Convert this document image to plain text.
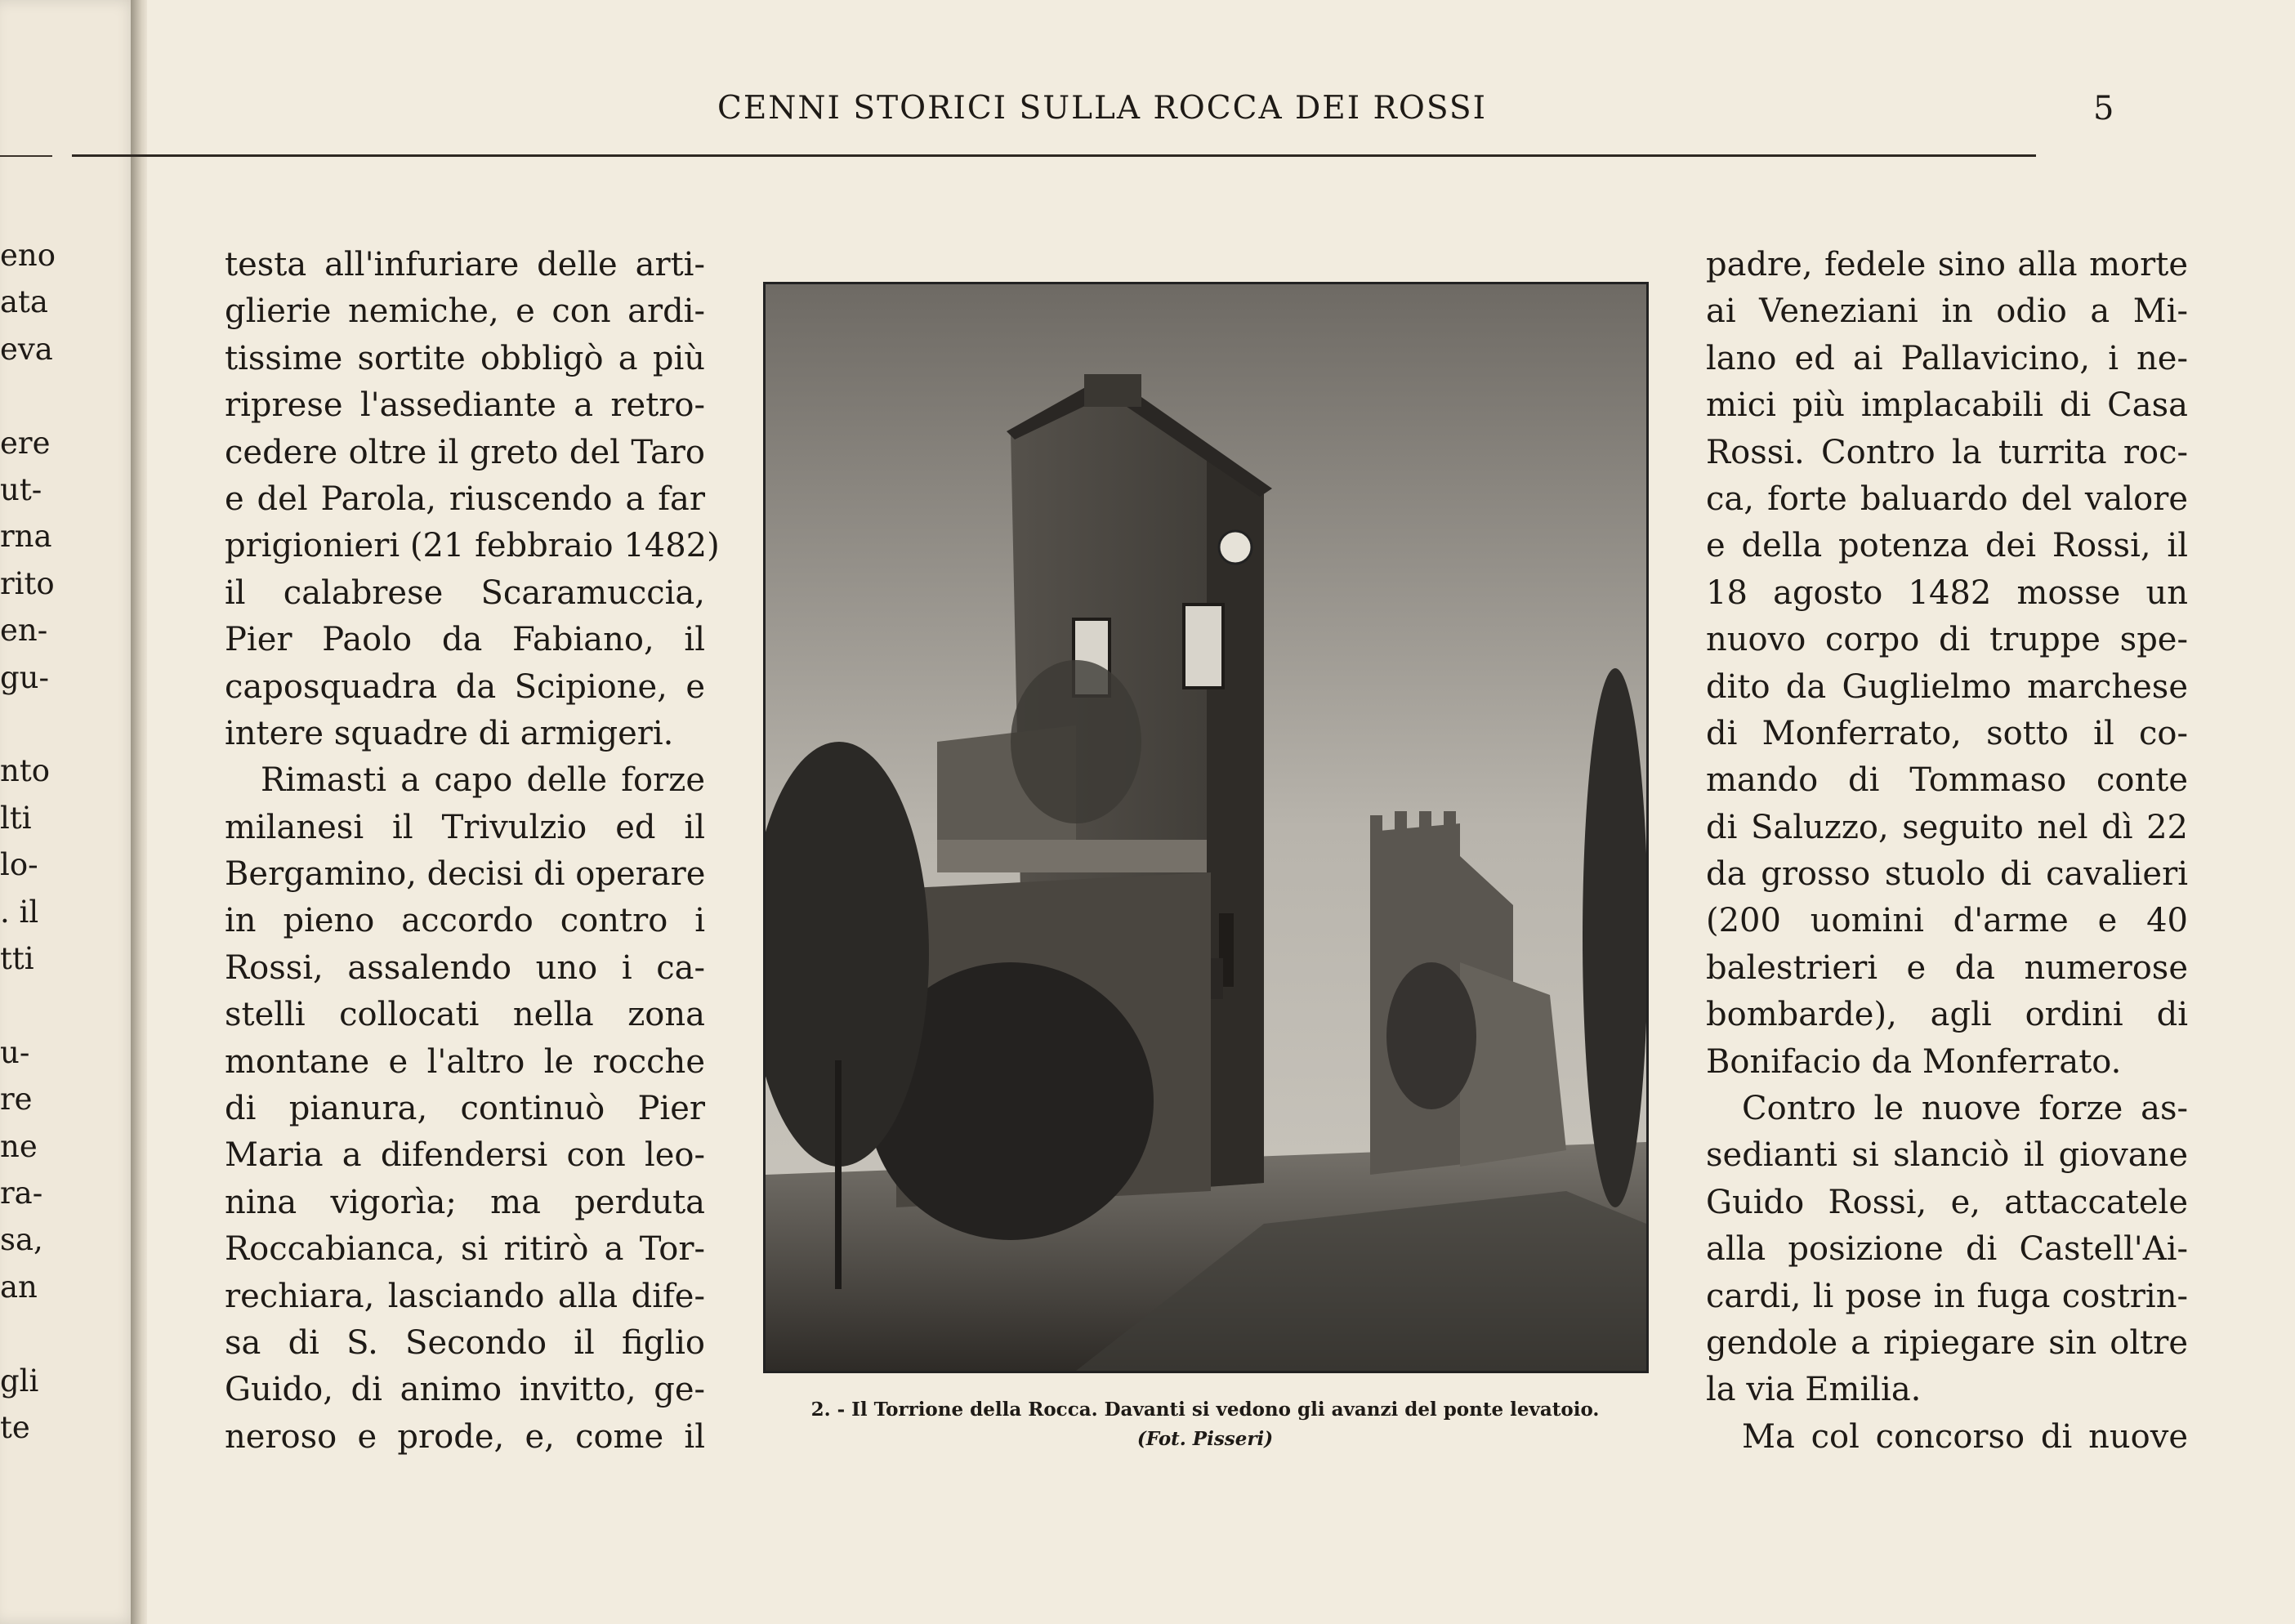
eno
ata
eva
ere
ut-
rna
rito
en-
gu-
nto
lti
lo-
. il
tti
u-
re
ne
ra-
sa,
an
gli
te
CENNI STORICI SULLA ROCCA DEI ROSSI	5
testa all'infuriare delle arti-
glierie nemiche, e con ardi-
tissime sortite obbligò a più
riprese l'assediante a retro-
cedere oltre il greto del Taro
e del Parola, riuscendo a far
prigionieri (21 febbraio 1482)
il calabrese Scaramuccia,
Pier Paolo da Fabiano, il
caposquadra da Scipione, e
intere squadre di armigeri.
Rimasti a capo delle forze
milanesi il Trivulzio ed il
Bergamino, decisi di operare
in pieno accordo contro i
Rossi, assalendo uno i ca-
stelli collocati nella zona
montane e l'altro le rocche
di pianura, continuò Pier
Maria a difendersi con leo-
nina vigorìa; ma perduta
Roccabianca, si ritirò a Tor-
rechiara, lasciando alla dife-
sa di S. Secondo il figlio
Guido, di animo invitto, ge-
neroso e prode, e, come il
padre, fedele sino alla morte
ai Veneziani in odio a Mi-
lano ed ai Pallavicino, i ne-
mici più implacabili di Casa
Rossi. Contro la turrita roc-
ca, forte baluardo del valore
e della potenza dei Rossi, il
18 agosto 1482 mosse un
nuovo corpo di truppe spe-
dito da Guglielmo marchese
di Monferrato, sotto il co-
mando di Tommaso conte
di Saluzzo, seguito nel dì 22
da grosso stuolo di cavalieri
(200 uomini d'arme e 40
balestrieri e da numerose
bombarde), agli ordini di
Bonifacio da Monferrato.
Contro le nuove forze as-
sedianti si slanciò il giovane
Guido Rossi, e, attaccatele
alla posizione di Castell'Ai-
cardi, li pose in fuga costrin-
gendole a ripiegare sin oltre
la via Emilia.
Ma col concorso di nuove
2. - Il Torrione della Rocca. Davanti si vedono gli avanzi del ponte levatoio.
(Fot. Pisseri)
